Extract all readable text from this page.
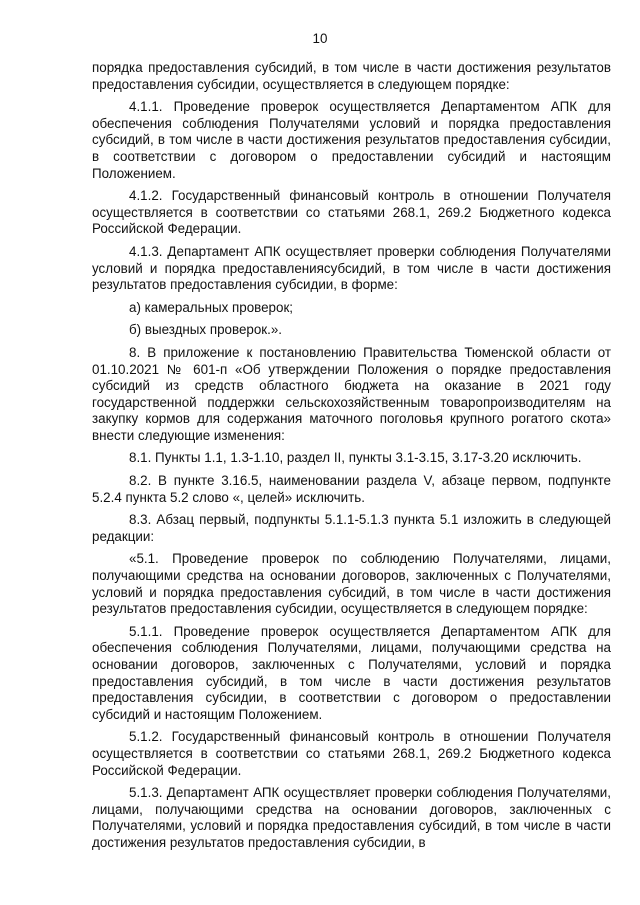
10

порядка предоставления субсидий, в том числе в части достижения результатов предоставления субсидии, осуществляется в следующем порядке:

4.1.1. Проведение проверок осуществляется Департаментом АПК для обеспечения соблюдения Получателями условий и порядка предоставления субсидий, в том числе в части достижения результатов предоставления субсидии, в соответствии с договором о предоставлении субсидий и настоящим Положением.

4.1.2. Государственный финансовый контроль в отношении Получателя осуществляется в соответствии со статьями 268.1, 269.2 Бюджетного кодекса Российской Федерации.

4.1.3. Департамент АПК осуществляет проверки соблюдения Получателями условий и порядка предоставлениясубсидий, в том числе в части достижения результатов предоставления субсидии, в форме:

а) камеральных проверок;

б) выездных проверок.».

8. В приложение к постановлению Правительства Тюменской области от 01.10.2021 № 601-п «Об утверждении Положения о порядке предоставления субсидий из средств областного бюджета на оказание в 2021 году государственной поддержки сельскохозяйственным товаропроизводителям на закупку кормов для содержания маточного поголовья крупного рогатого скота» внести следующие изменения:

8.1. Пункты 1.1, 1.3-1.10, раздел II, пункты 3.1-3.15, 3.17-3.20 исключить.

8.2. В пункте 3.16.5, наименовании раздела V, абзаце первом, подпункте 5.2.4 пункта 5.2 слово «, целей» исключить.

8.3. Абзац первый, подпункты 5.1.1-5.1.3 пункта 5.1 изложить в следующей редакции:

«5.1. Проведение проверок по соблюдению Получателями, лицами, получающими средства на основании договоров, заключенных с Получателями, условий и порядка предоставления субсидий, в том числе в части достижения результатов предоставления субсидии, осуществляется в следующем порядке:

5.1.1. Проведение проверок осуществляется Департаментом АПК для обеспечения соблюдения Получателями, лицами, получающими средства на основании договоров, заключенных с Получателями, условий и порядка предоставления субсидий, в том числе в части достижения результатов предоставления субсидии, в соответствии с договором о предоставлении субсидий и настоящим Положением.

5.1.2. Государственный финансовый контроль в отношении Получателя осуществляется в соответствии со статьями 268.1, 269.2 Бюджетного кодекса Российской Федерации.

5.1.3. Департамент АПК осуществляет проверки соблюдения Получателями, лицами, получающими средства на основании договоров, заключенных с Получателями, условий и порядка предоставления субсидий, в том числе в части достижения результатов предоставления субсидии, в
